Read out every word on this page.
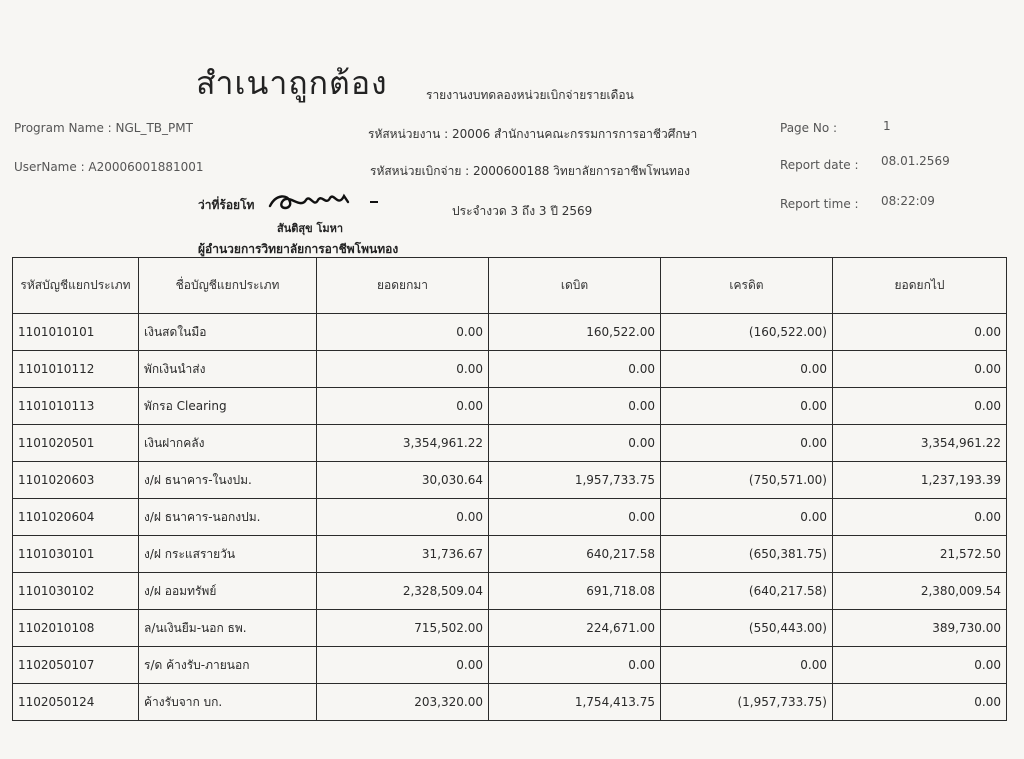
สำเนาถูกต้อง	รายงานงบทดลองหน่วยเบิกจ่ายรายเดือน
Program Name : NGL_TB_PMT
UserName : A20006001881001
รหัสหน่วยงาน : 20006 สำนักงานคณะกรรมการการอาชีวศึกษา
รหัสหน่วยเบิกจ่าย : 2000600188 วิทยาลัยการอาชีพโพนทอง
ประจำงวด 3 ถึง 3 ปี 2569
Page No :	1
Report date : 08.01.2569
Report time : 08:22:09
ว่าที่ร้อยโท
สันติสุข โมหา
ผู้อำนวยการวิทยาลัยการอาชีพโพนทอง
รหัสบัญชีแยกประเภท	ชื่อบัญชีแยกประเภท	ยอดยกมา	เดบิต	เครดิต	ยอดยกไป
1101010101	เงินสดในมือ	0.00	160,522.00	(160,522.00)	0.00
1101010112	พักเงินนำส่ง	0.00	0.00	0.00	0.00
1101010113	พักรอ Clearing	0.00	0.00	0.00	0.00
1101020501	เงินฝากคลัง	3,354,961.22	0.00	0.00	3,354,961.22
1101020603	ง/ฝ ธนาคาร-ในงปม.	30,030.64	1,957,733.75	(750,571.00)	1,237,193.39
1101020604	ง/ฝ ธนาคาร-นอกงปม.	0.00	0.00	0.00	0.00
1101030101	ง/ฝ กระแสรายวัน	31,736.67	640,217.58	(650,381.75)	21,572.50
1101030102	ง/ฝ ออมทรัพย์	2,328,509.04	691,718.08	(640,217.58)	2,380,009.54
1102010108	ล/นเงินยืม-นอก ธพ.	715,502.00	224,671.00	(550,443.00)	389,730.00
1102050107	ร/ด ค้างรับ-ภายนอก	0.00	0.00	0.00	0.00
1102050124	ค้างรับจาก บก.	203,320.00	1,754,413.75	(1,957,733.75)	0.00
